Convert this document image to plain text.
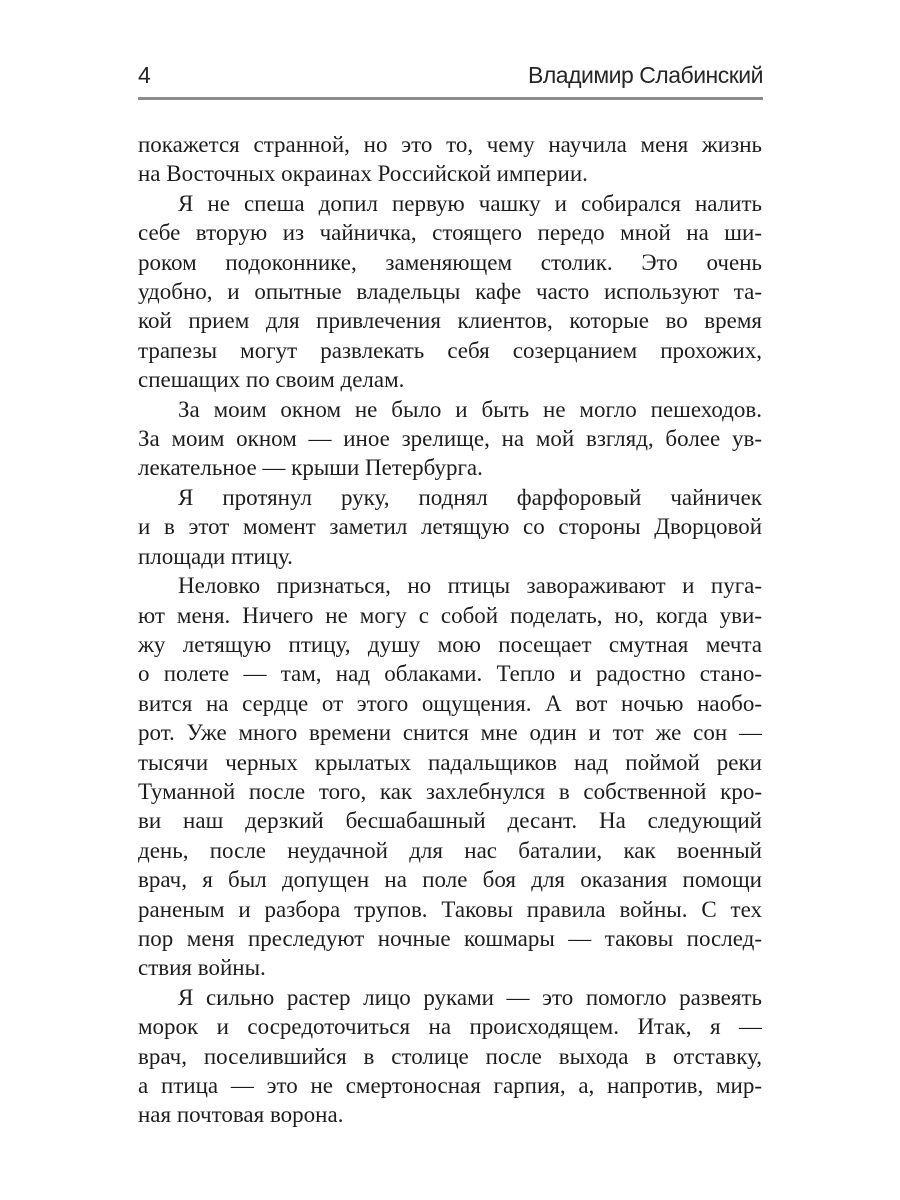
4	Владимир Слабинский
покажется странной, но это то, чему научила меня жизнь
на Восточных окраинах Российской империи.
Я не спеша допил первую чашку и собирался налить
себе вторую из чайничка, стоящего передо мной на ши-
роком подоконнике, заменяющем столик. Это очень
удобно, и опытные владельцы кафе часто используют та-
кой прием для привлечения клиентов, которые во время
трапезы могут развлекать себя созерцанием прохожих,
спешащих по своим делам.
За моим окном не было и быть не могло пешеходов.
За моим окном — иное зрелище, на мой взгляд, более ув-
лекательное — крыши Петербурга.
Я протянул руку, поднял фарфоровый чайничек
и в этот момент заметил летящую со стороны Дворцовой
площади птицу.
Неловко признаться, но птицы завораживают и пуга-
ют меня. Ничего не могу с собой поделать, но, когда уви-
жу летящую птицу, душу мою посещает смутная мечта
о полете — там, над облаками. Тепло и радостно стано-
вится на сердце от этого ощущения. А вот ночью наобо-
рот. Уже много времени снится мне один и тот же сон —
тысячи черных крылатых падальщиков над поймой реки
Туманной после того, как захлебнулся в собственной кро-
ви наш дерзкий бесшабашный десант. На следующий
день, после неудачной для нас баталии, как военный
врач, я был допущен на поле боя для оказания помощи
раненым и разбора трупов. Таковы правила войны. С тех
пор меня преследуют ночные кошмары — таковы послед-
ствия войны.
Я сильно растер лицо руками — это помогло развеять
морок и сосредоточиться на происходящем. Итак, я —
врач, поселившийся в столице после выхода в отставку,
а птица — это не смертоносная гарпия, а, напротив, мир-
ная почтовая ворона.
